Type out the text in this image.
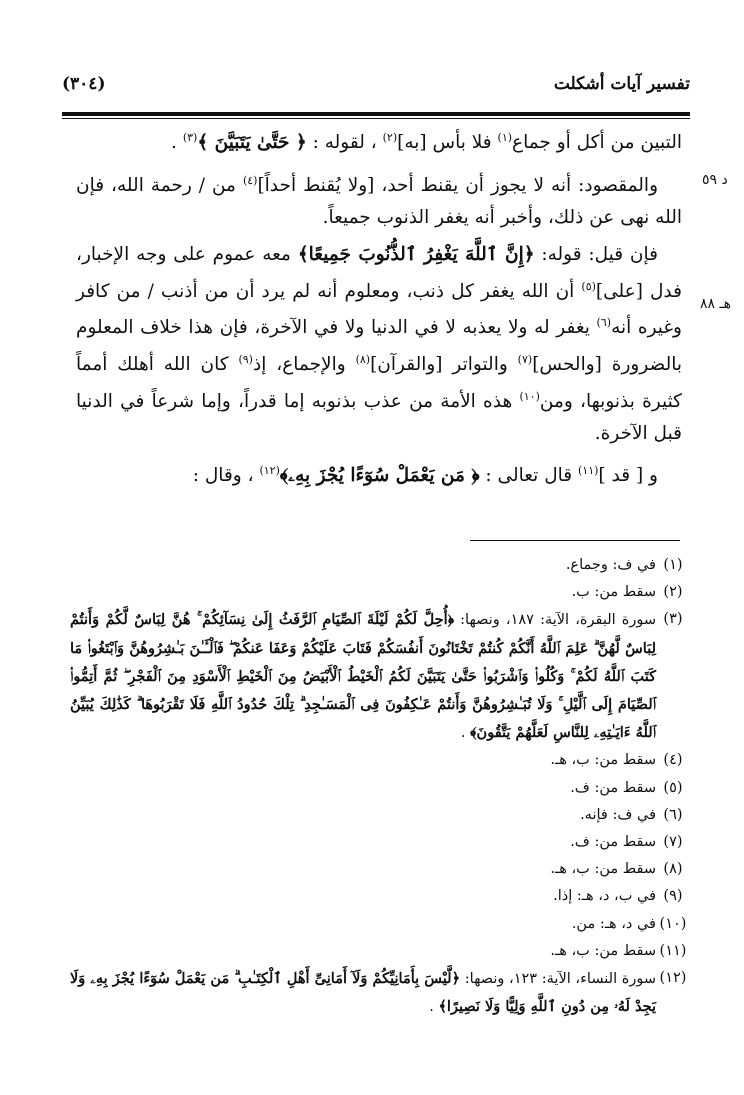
تفسير آيات أشكلت
(٣٠٤)
د ٥٩
هـ ٨٨

التبين من أكل أو جماع$^{(١)}$ فلا بأس [به]$^{(٢)}$ ، لقوله : ﴿ حَتَّىٰ يَتَبَيَّنَ ﴾$^{(٣)}$ .

والمقصود: أنه لا يجوز أن يقنط أحد، [ولا يُقنط أحداً]$^{(٤)}$ من / رحمة الله، فإن الله نهى عن ذلك، وأخبر أنه يغفر الذنوب جميعاً.

فإن قيل: قوله: ﴿إِنَّ ٱللَّهَ يَغْفِرُ ٱلذُّنُوبَ جَمِيعًا﴾ معه عموم على وجه الإخبار، فدل [على]$^{(٥)}$ أن الله يغفر كل ذنب، ومعلوم أنه لم يرد أن من أذنب / من كافر وغيره أنه$^{(٦)}$ يغفر له ولا يعذبه لا في الدنيا ولا في الآخرة، فإن هذا خلاف المعلوم بالضرورة [والحس]$^{(٧)}$ والتواتر [والقرآن]$^{(٨)}$ والإجماع، إذ$^{(٩)}$ كان الله أهلك أمماً كثيرة بذنوبها، ومن$^{(١٠)}$ هذه الأمة من عذب بذنوبه إما قدراً، وإما شرعاً في الدنيا قبل الآخرة.

و [ قد ]$^{(١١)}$ قال تعالى : ﴿ مَن يَعْمَلْ سُوٓءًا يُجْزَ بِهِۦ﴾$^{(١٢)}$ ، وقال :

(١)
في ف: وجماع.
(٢)
سقط من: ب.
(٣)
سورة البقرة، الآية: ١٨٧، ونصها: ﴿أُحِلَّ لَكُمْ لَيْلَةَ ٱلصِّيَامِ ٱلرَّفَثُ إِلَىٰ نِسَآئِكُمْ ۚ هُنَّ لِبَاسٌ لَّكُمْ وَأَنتُمْ لِبَاسٌ لَّهُنَّ ۗ عَلِمَ ٱللَّهُ أَنَّكُمْ كُنتُمْ تَخْتَانُونَ أَنفُسَكُمْ فَتَابَ عَلَيْكُمْ وَعَفَا عَنكُمْ ۖ فَٱلْـَٔـٰنَ بَـٰشِرُوهُنَّ وَٱبْتَغُوا۟ مَا كَتَبَ ٱللَّهُ لَكُمْ ۚ وَكُلُوا۟ وَٱشْرَبُوا۟ حَتَّىٰ يَتَبَيَّنَ لَكُمُ ٱلْخَيْطُ ٱلْأَبْيَضُ مِنَ ٱلْخَيْطِ ٱلْأَسْوَدِ مِنَ ٱلْفَجْرِ ۖ ثُمَّ أَتِمُّوا۟ ٱلصِّيَامَ إِلَى ٱلَّيْلِ ۚ وَلَا تُبَـٰشِرُوهُنَّ وَأَنتُمْ عَـٰكِفُونَ فِى ٱلْمَسَـٰجِدِ ۗ تِلْكَ حُدُودُ ٱللَّهِ فَلَا تَقْرَبُوهَا ۗ كَذَٰلِكَ يُبَيِّنُ ٱللَّهُ ءَايَـٰتِهِۦ لِلنَّاسِ لَعَلَّهُمْ يَتَّقُونَ﴾ .
(٤)
سقط من: ب، هـ.
(٥)
سقط من: ف.
(٦)
في ف: فإنه.
(٧)
سقط من: ف.
(٨)
سقط من: ب، هـ.
(٩)
في ب، د، هـ: إذا.
(١٠)
في د، هـ: من.
(١١)
سقط من: ب، هـ.
(١٢)
سورة النساء، الآية: ١٢٣، ونصها: ﴿لَّيْسَ بِأَمَانِيِّكُمْ وَلَآ أَمَانِىِّ أَهْلِ ٱلْكِتَـٰبِ ۗ مَن يَعْمَلْ سُوٓءًا يُجْزَ بِهِۦ وَلَا يَجِدْ لَهُۥ مِن دُونِ ٱللَّهِ وَلِيًّا وَلَا نَصِيرًا﴾ .
